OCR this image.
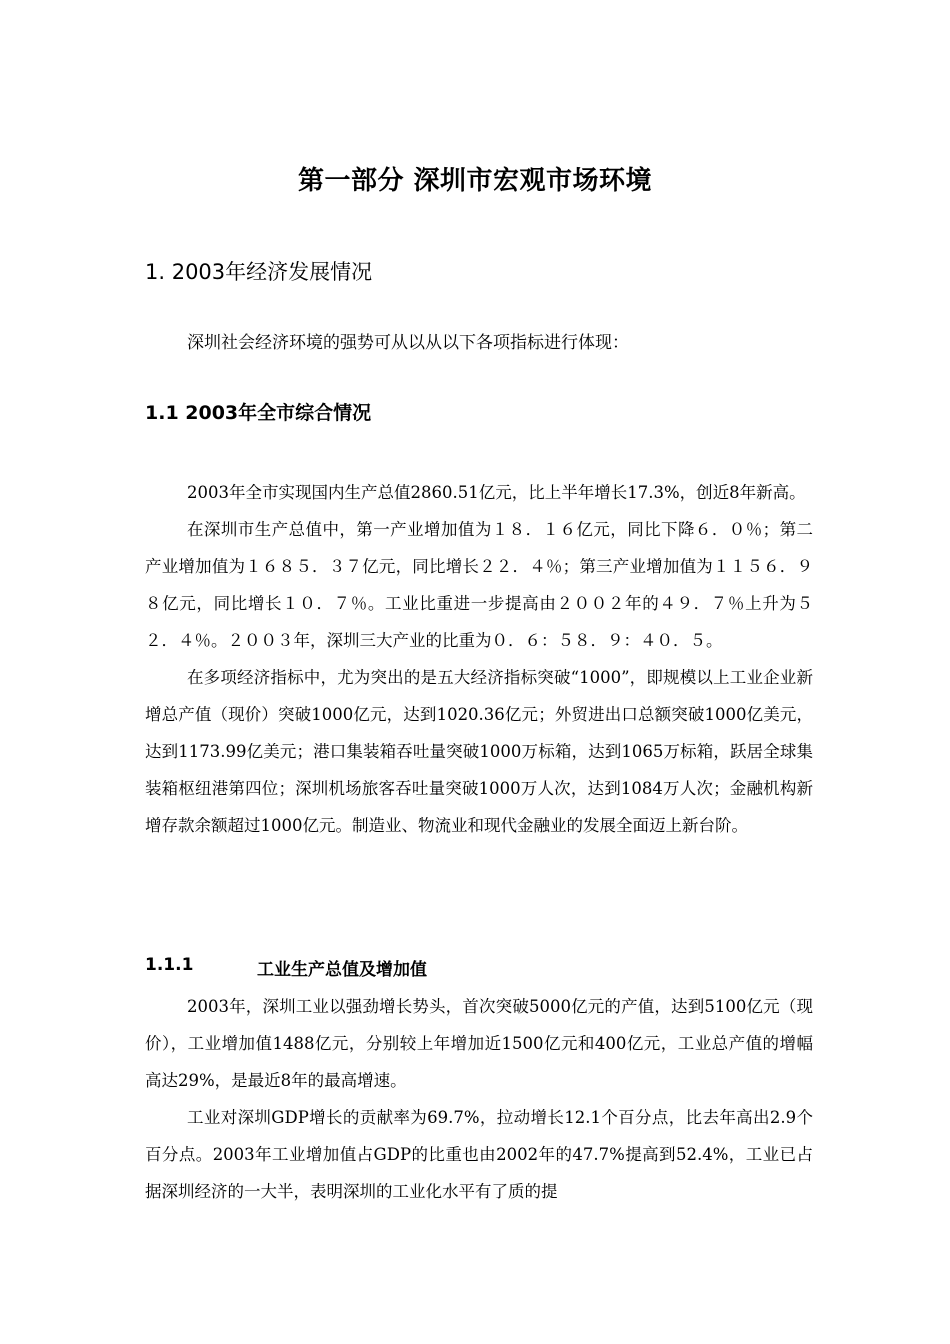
第一部分 深圳市宏观市场环境
1. 2003年经济发展情况
深圳社会经济环境的强势可从以从以下各项指标进行体现：
1.1 2003年全市综合情况

2003年全市实现国内生产总值2860.51亿元，比上半年增长17.3%，创近8年新高。

在深圳市生产总值中，第一产业增加值为１８．１６亿元，同比下降６．０％；第二产业增加值为１６８５．３７亿元，同比增长２２．４％；第三产业增加值为１１５６．９８亿元，同比增长１０．７％。工业比重进一步提高由２００２年的４９．７％上升为５２．４％。２００３年，深圳三大产业的比重为０．６：５８．９：４０．５。

在多项经济指标中，尤为突出的是五大经济指标突破“1000”，即规模以上工业企业新增总产值（现价）突破1000亿元，达到1020.36亿元；外贸进出口总额突破1000亿美元，达到1173.99亿美元；港口集装箱吞吐量突破1000万标箱，达到1065万标箱，跃居全球集装箱枢纽港第四位；深圳机场旅客吞吐量突破1000万人次，达到1084万人次；金融机构新增存款余额超过1000亿元。制造业、物流业和现代金融业的发展全面迈上新台阶。

1.1.1	工业生产总值及增加值

2003年，深圳工业以强劲增长势头，首次突破5000亿元的产值，达到5100亿元（现价），工业增加值1488亿元，分别较上年增加近1500亿元和400亿元，工业总产值的增幅高达29%，是最近8年的最高增速。

工业对深圳GDP增长的贡献率为69.7%，拉动增长12.1个百分点，比去年高出2.9个百分点。2003年工业增加值占GDP的比重也由2002年的47.7%提高到52.4%，工业已占据深圳经济的一大半，表明深圳的工业化水平有了质的提
